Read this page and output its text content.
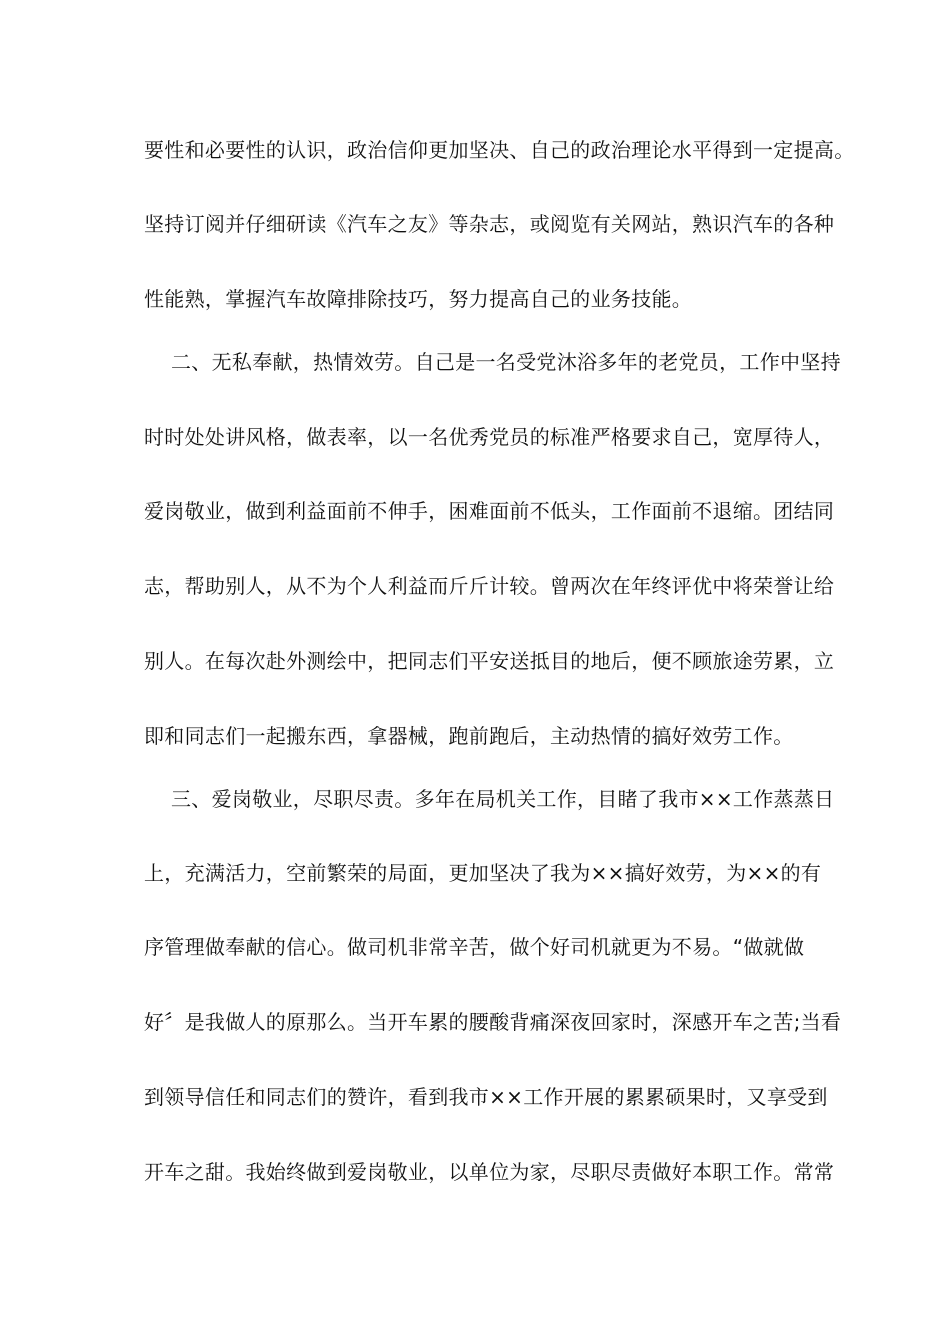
要性和必要性的认识，政治信仰更加坚决、自己的政治理论水平得到一定提高。
坚持订阅并仔细研读《汽车之友》等杂志，或阅览有关网站，熟识汽车的各种
性能熟，掌握汽车故障排除技巧，努力提高自己的业务技能。
二、无私奉献，热情效劳。自己是一名受党沐浴多年的老党员，工作中坚持
时时处处讲风格，做表率，以一名优秀党员的标准严格要求自己，宽厚待人，
爱岗敬业，做到利益面前不伸手，困难面前不低头，工作面前不退缩。团结同
志，帮助别人，从不为个人利益而斤斤计较。曾两次在年终评优中将荣誉让给
别人。在每次赴外测绘中，把同志们平安送抵目的地后，便不顾旅途劳累，立
即和同志们一起搬东西，拿器械，跑前跑后，主动热情的搞好效劳工作。
三、爱岗敬业，尽职尽责。多年在局机关工作，目睹了我市××工作蒸蒸日
上，充满活力，空前繁荣的局面，更加坚决了我为××搞好效劳，为××的有
序管理做奉献的信心。做司机非常辛苦，做个好司机就更为不易。“做就做
好〞是我做人的原那么。当开车累的腰酸背痛深夜回家时，深感开车之苦;当看
到领导信任和同志们的赞许，看到我市××工作开展的累累硕果时，又享受到
开车之甜。我始终做到爱岗敬业，以单位为家，尽职尽责做好本职工作。常常
